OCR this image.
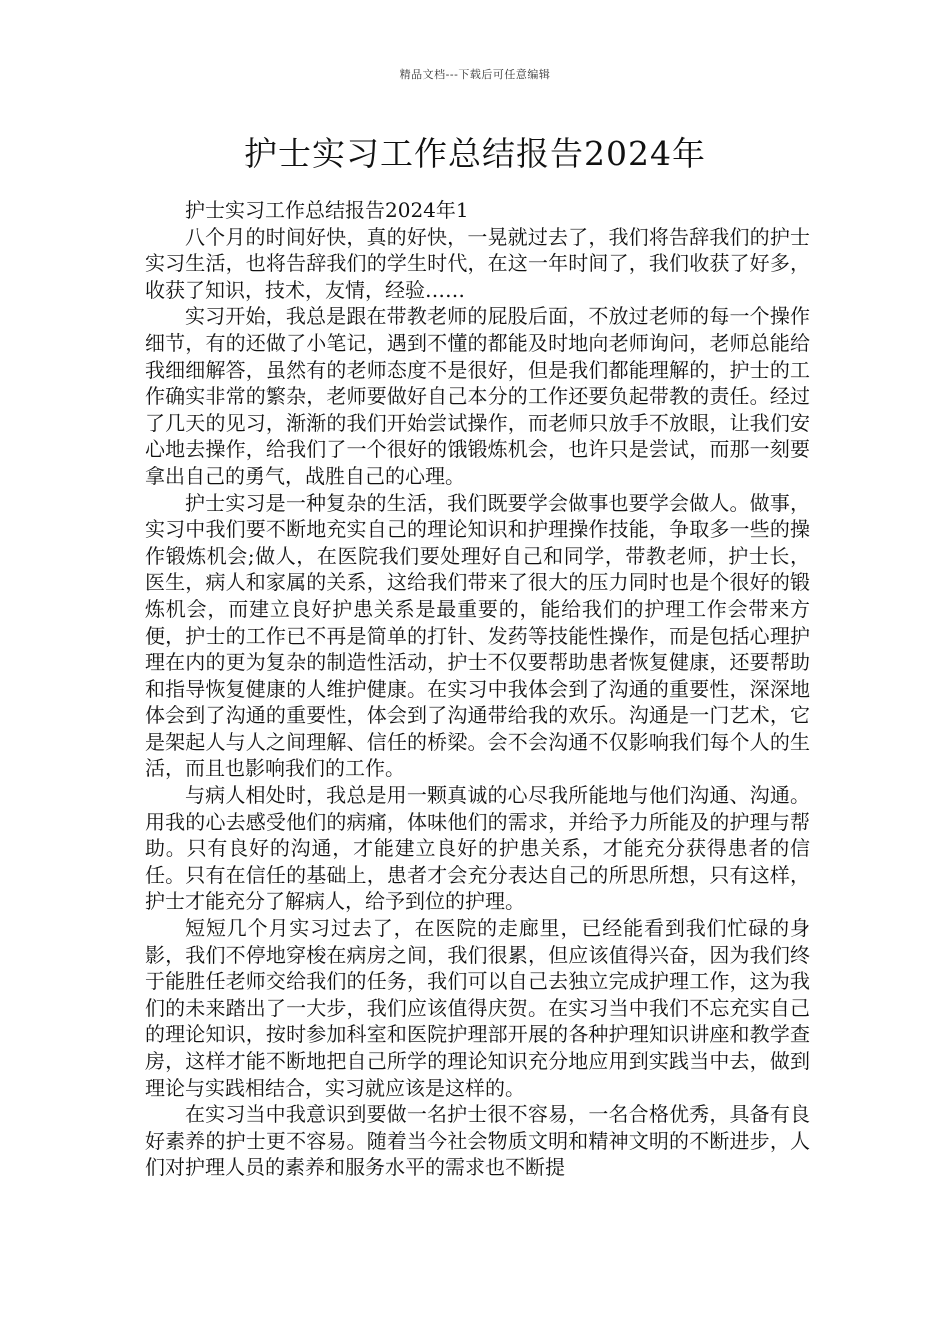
精品文档---下载后可任意编辑
护士实习工作总结报告2024年

护士实习工作总结报告2024年1

八个月的时间好快，真的好快，一晃就过去了，我们将告辞我们的护士实习生活，也将告辞我们的学生时代，在这一年时间了，我们收获了好多，收获了知识，技术，友情，经验……

实习开始，我总是跟在带教老师的屁股后面，不放过老师的每一个操作细节，有的还做了小笔记，遇到不懂的都能及时地向老师询问，老师总能给我细细解答，虽然有的老师态度不是很好，但是我们都能理解的，护士的工作确实非常的繁杂，老师要做好自己本分的工作还要负起带教的责任。经过了几天的见习，渐渐的我们开始尝试操作，而老师只放手不放眼，让我们安心地去操作，给我们了一个很好的饿锻炼机会，也许只是尝试，而那一刻要拿出自己的勇气，战胜自己的心理。

护士实习是一种复杂的生活，我们既要学会做事也要学会做人。做事，实习中我们要不断地充实自己的理论知识和护理操作技能，争取多一些的操作锻炼机会;做人，在医院我们要处理好自己和同学，带教老师，护士长，医生，病人和家属的关系，这给我们带来了很大的压力同时也是个很好的锻炼机会，而建立良好护患关系是最重要的，能给我们的护理工作会带来方便，护士的工作已不再是简单的打针、发药等技能性操作，而是包括心理护理在内的更为复杂的制造性活动，护士不仅要帮助患者恢复健康，还要帮助和指导恢复健康的人维护健康。在实习中我体会到了沟通的重要性，深深地体会到了沟通的重要性，体会到了沟通带给我的欢乐。沟通是一门艺术，它是架起人与人之间理解、信任的桥梁。会不会沟通不仅影响我们每个人的生活，而且也影响我们的工作。

与病人相处时，我总是用一颗真诚的心尽我所能地与他们沟通、沟通。用我的心去感受他们的病痛，体味他们的需求，并给予力所能及的护理与帮助。只有良好的沟通，才能建立良好的护患关系，才能充分获得患者的信任。只有在信任的基础上，患者才会充分表达自己的所思所想，只有这样，护士才能充分了解病人，给予到位的护理。

短短几个月实习过去了，在医院的走廊里，已经能看到我们忙碌的身影，我们不停地穿梭在病房之间，我们很累，但应该值得兴奋，因为我们终于能胜任老师交给我们的任务，我们可以自己去独立完成护理工作，这为我们的未来踏出了一大步，我们应该值得庆贺。在实习当中我们不忘充实自己的理论知识，按时参加科室和医院护理部开展的各种护理知识讲座和教学查房，这样才能不断地把自己所学的理论知识充分地应用到实践当中去，做到理论与实践相结合，实习就应该是这样的。

在实习当中我意识到要做一名护士很不容易，一名合格优秀，具备有良好素养的护士更不容易。随着当今社会物质文明和精神文明的不断进步，人们对护理人员的素养和服务水平的需求也不断提
